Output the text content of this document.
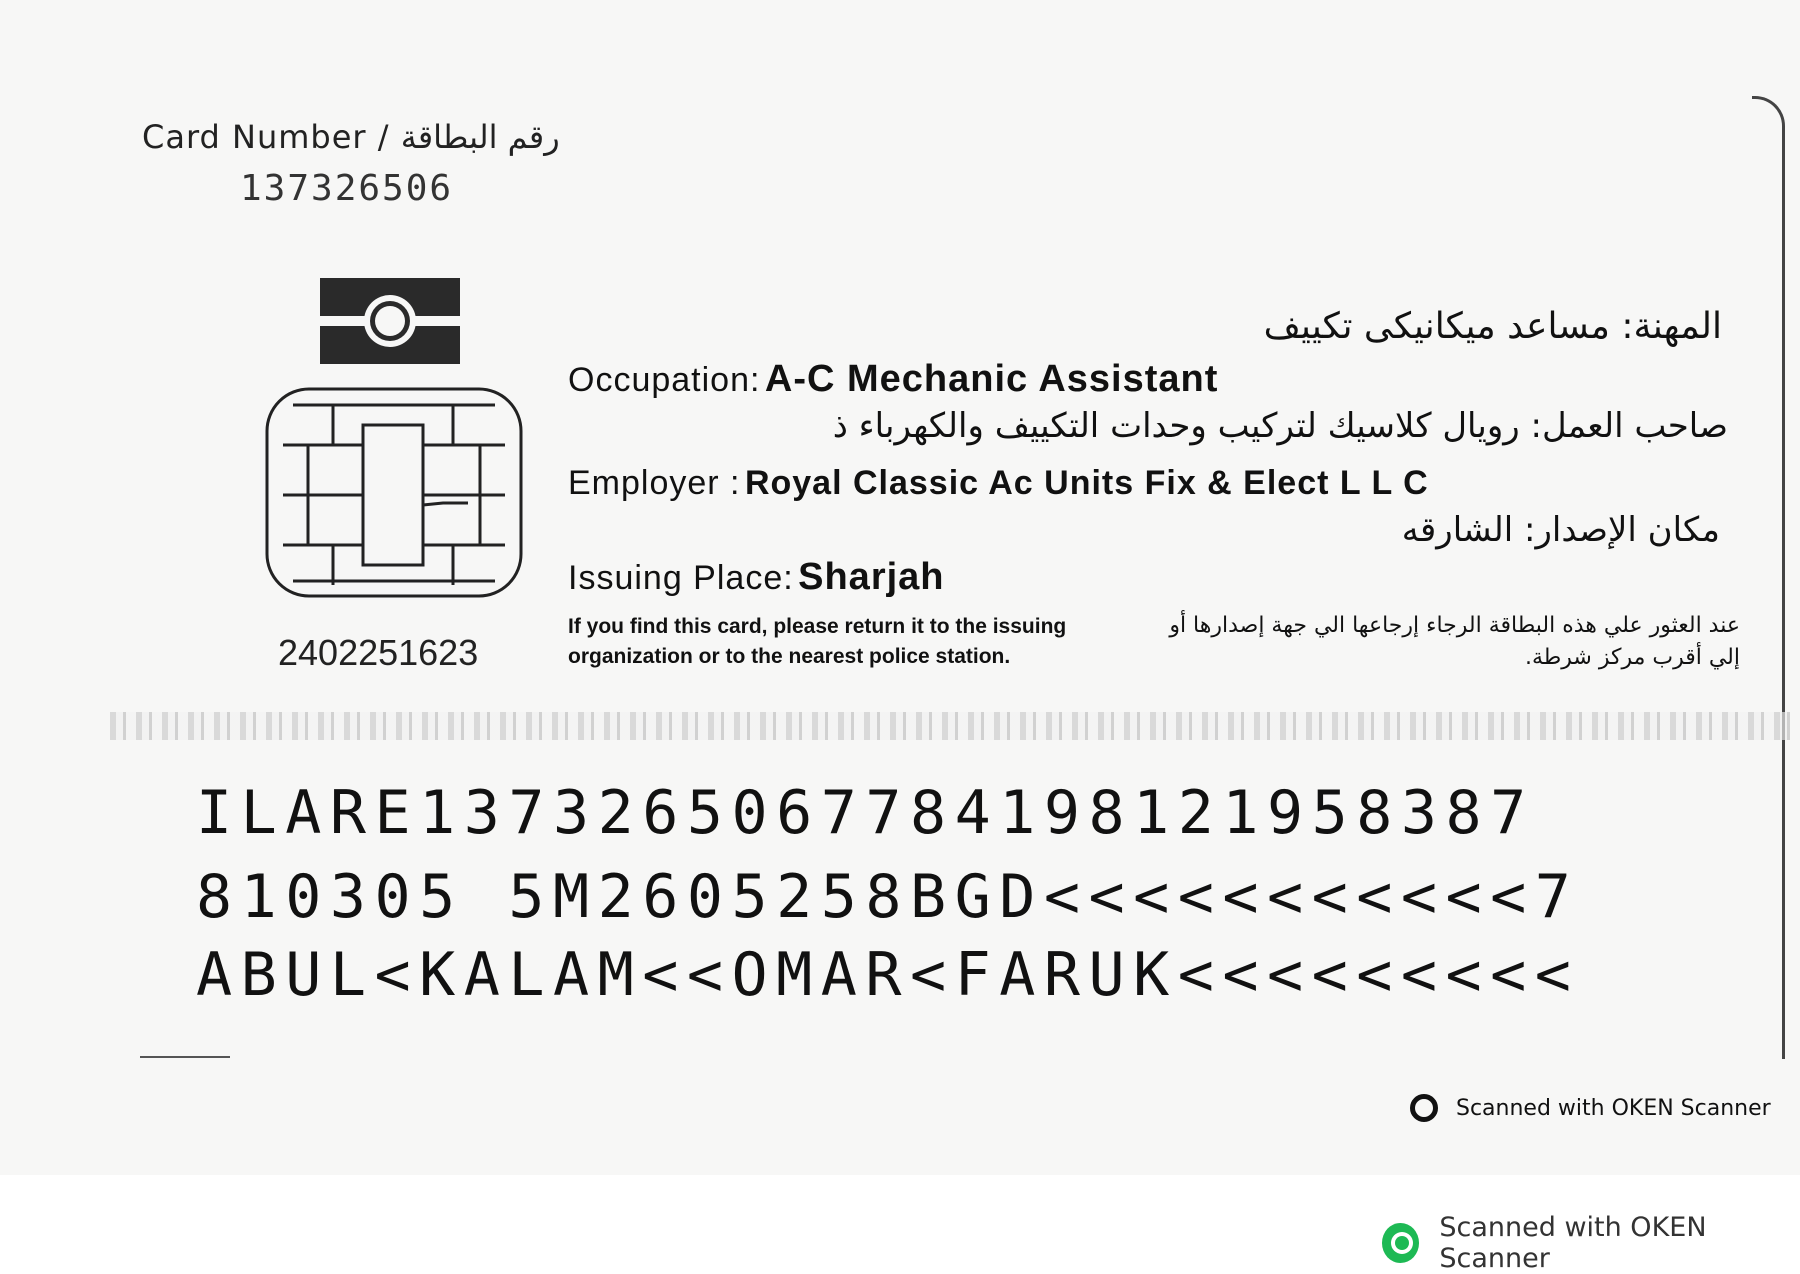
Card Number / رقم البطاقة
137326506
2402251623
المهنة: مساعد ميكانيكى تكييف
Occupation: A-C Mechanic Assistant
صاحب العمل: رويال كلاسيك لتركيب وحدات التكييف والكهرباء ذ
Employer : Royal Classic Ac Units Fix & Elect L L C
مكان الإصدار: الشارقه
Issuing Place: Sharjah
If you find this card, please return it to the issuing organization or to the nearest police station.
عند العثور علي هذه البطاقة الرجاء إرجاعها الي جهة إصدارها أو إلي أقرب مركز شرطة.
ILARE1373265067784198121958387
810305 5M2605258BGD<<<<<<<<<<<7
ABUL<KALAM<<OMAR<FARUK<<<<<<<<<
Scanned with OKEN Scanner
Scanned with OKEN Scanner
